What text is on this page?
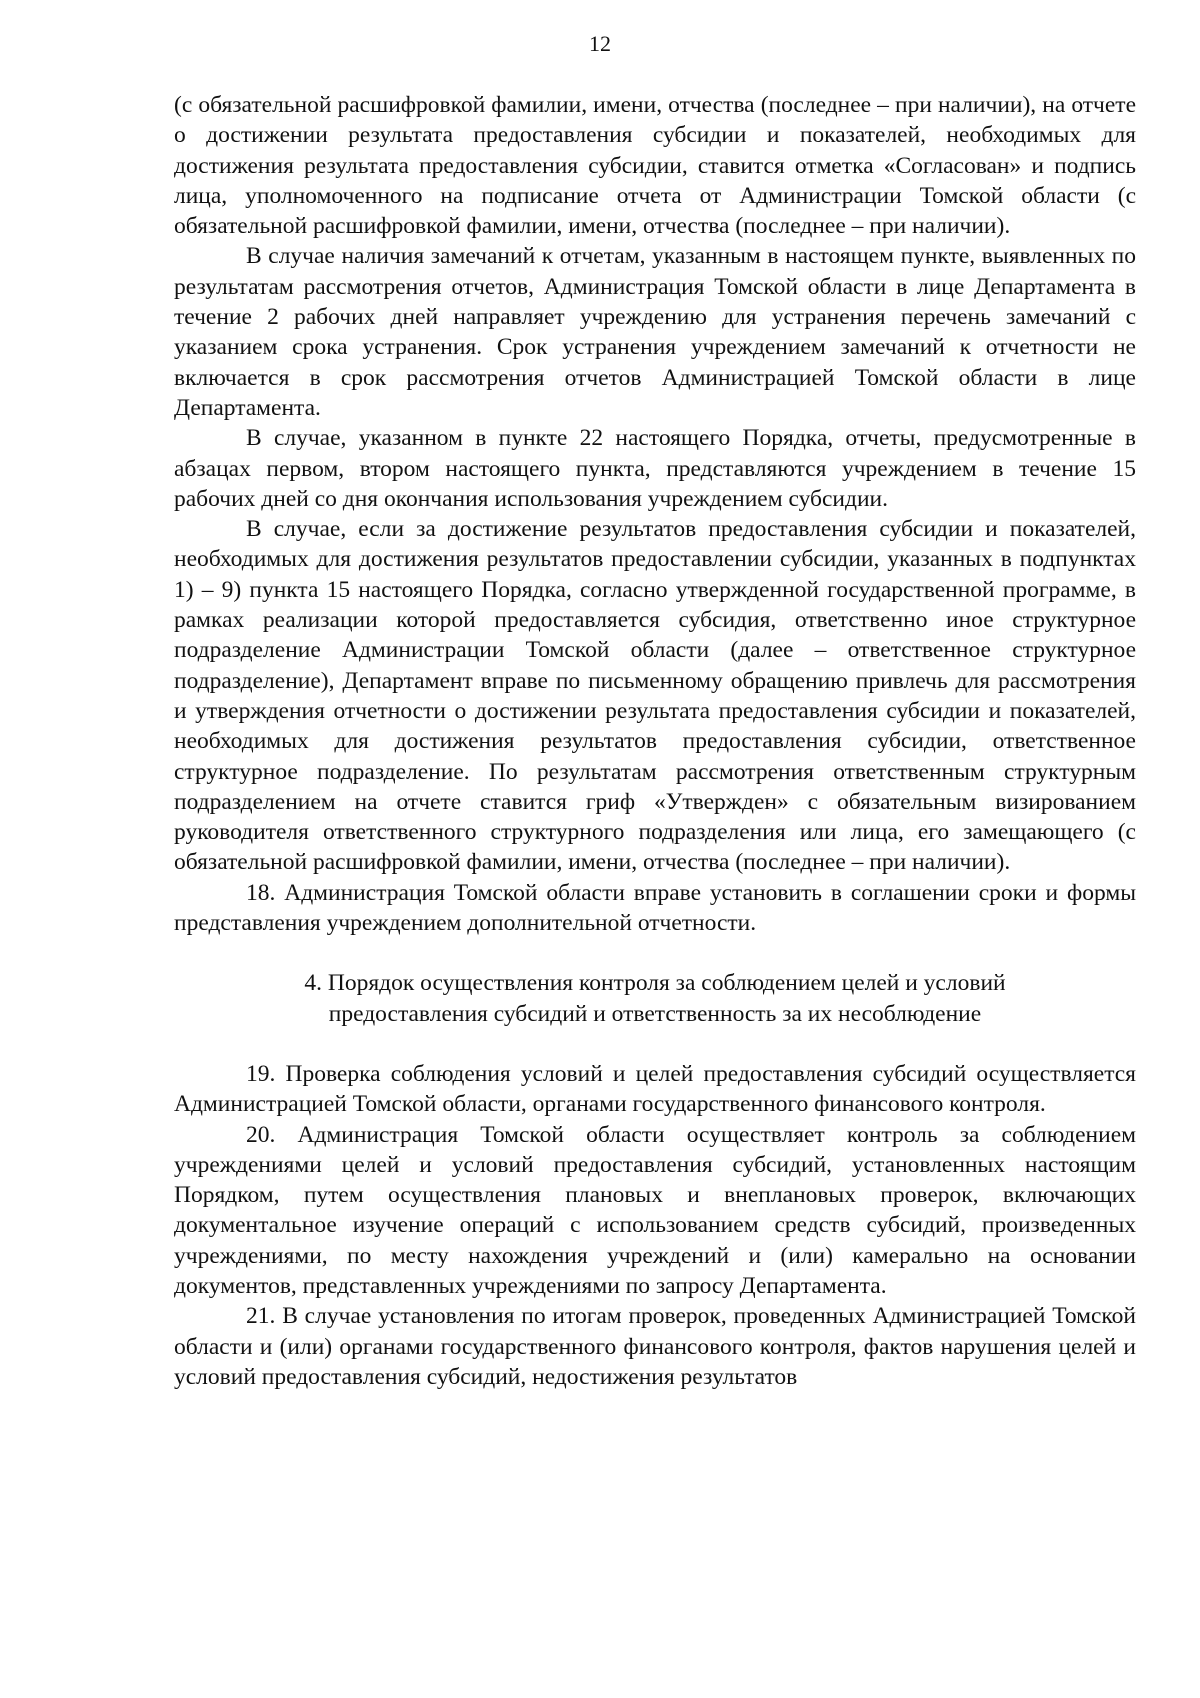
12

(с обязательной расшифровкой фамилии, имени, отчества (последнее – при наличии), на отчете о достижении результата предоставления субсидии и показателей, необходимых для достижения результата предоставления субсидии, ставится отметка «Согласован» и подпись лица, уполномоченного на подписание отчета от Администрации Томской области (с обязательной расшифровкой фамилии, имени, отчества (последнее – при наличии).

В случае наличия замечаний к отчетам, указанным в настоящем пункте, выявленных по результатам рассмотрения отчетов, Администрация Томской области в лице Департамента в течение 2 рабочих дней направляет учреждению для устранения перечень замечаний с указанием срока устранения. Срок устранения учреждением замечаний к отчетности не включается в срок рассмотрения отчетов Администрацией Томской области в лице Департамента.

В случае, указанном в пункте 22 настоящего Порядка, отчеты, предусмотренные в абзацах первом, втором настоящего пункта, представляются учреждением в течение 15 рабочих дней со дня окончания использования учреждением субсидии.

В случае, если за достижение результатов предоставления субсидии и показателей, необходимых для достижения результатов предоставлении субсидии, указанных в подпунктах 1) – 9) пункта 15 настоящего Порядка, согласно утвержденной государственной программе, в рамках реализации которой предоставляется субсидия, ответственно иное структурное подразделение Администрации Томской области (далее – ответственное структурное подразделение), Департамент вправе по письменному обращению привлечь для рассмотрения и утверждения отчетности о достижении результата предоставления субсидии и показателей, необходимых для достижения результатов предоставления субсидии, ответственное структурное подразделение. По результатам рассмотрения ответственным структурным подразделением на отчете ставится гриф «Утвержден» с обязательным визированием руководителя ответственного структурного подразделения или лица, его замещающего (с обязательной расшифровкой фамилии, имени, отчества (последнее – при наличии).

18. Администрация Томской области вправе установить в соглашении сроки и формы представления учреждением дополнительной отчетности.

4. Порядок осуществления контроля за соблюдением целей и условий
предоставления субсидий и ответственность за их несоблюдение

19. Проверка соблюдения условий и целей предоставления субсидий осуществляется Администрацией Томской области, органами государственного финансового контроля.

20. Администрация Томской области осуществляет контроль за соблюдением учреждениями целей и условий предоставления субсидий, установленных настоящим Порядком, путем осуществления плановых и внеплановых проверок, включающих документальное изучение операций с использованием средств субсидий, произведенных учреждениями, по месту нахождения учреждений и (или) камерально на основании документов, представленных учреждениями по запросу Департамента.

21. В случае установления по итогам проверок, проведенных Администрацией Томской области и (или) органами государственного финансового контроля, фактов нарушения целей и условий предоставления субсидий, недостижения результатов
